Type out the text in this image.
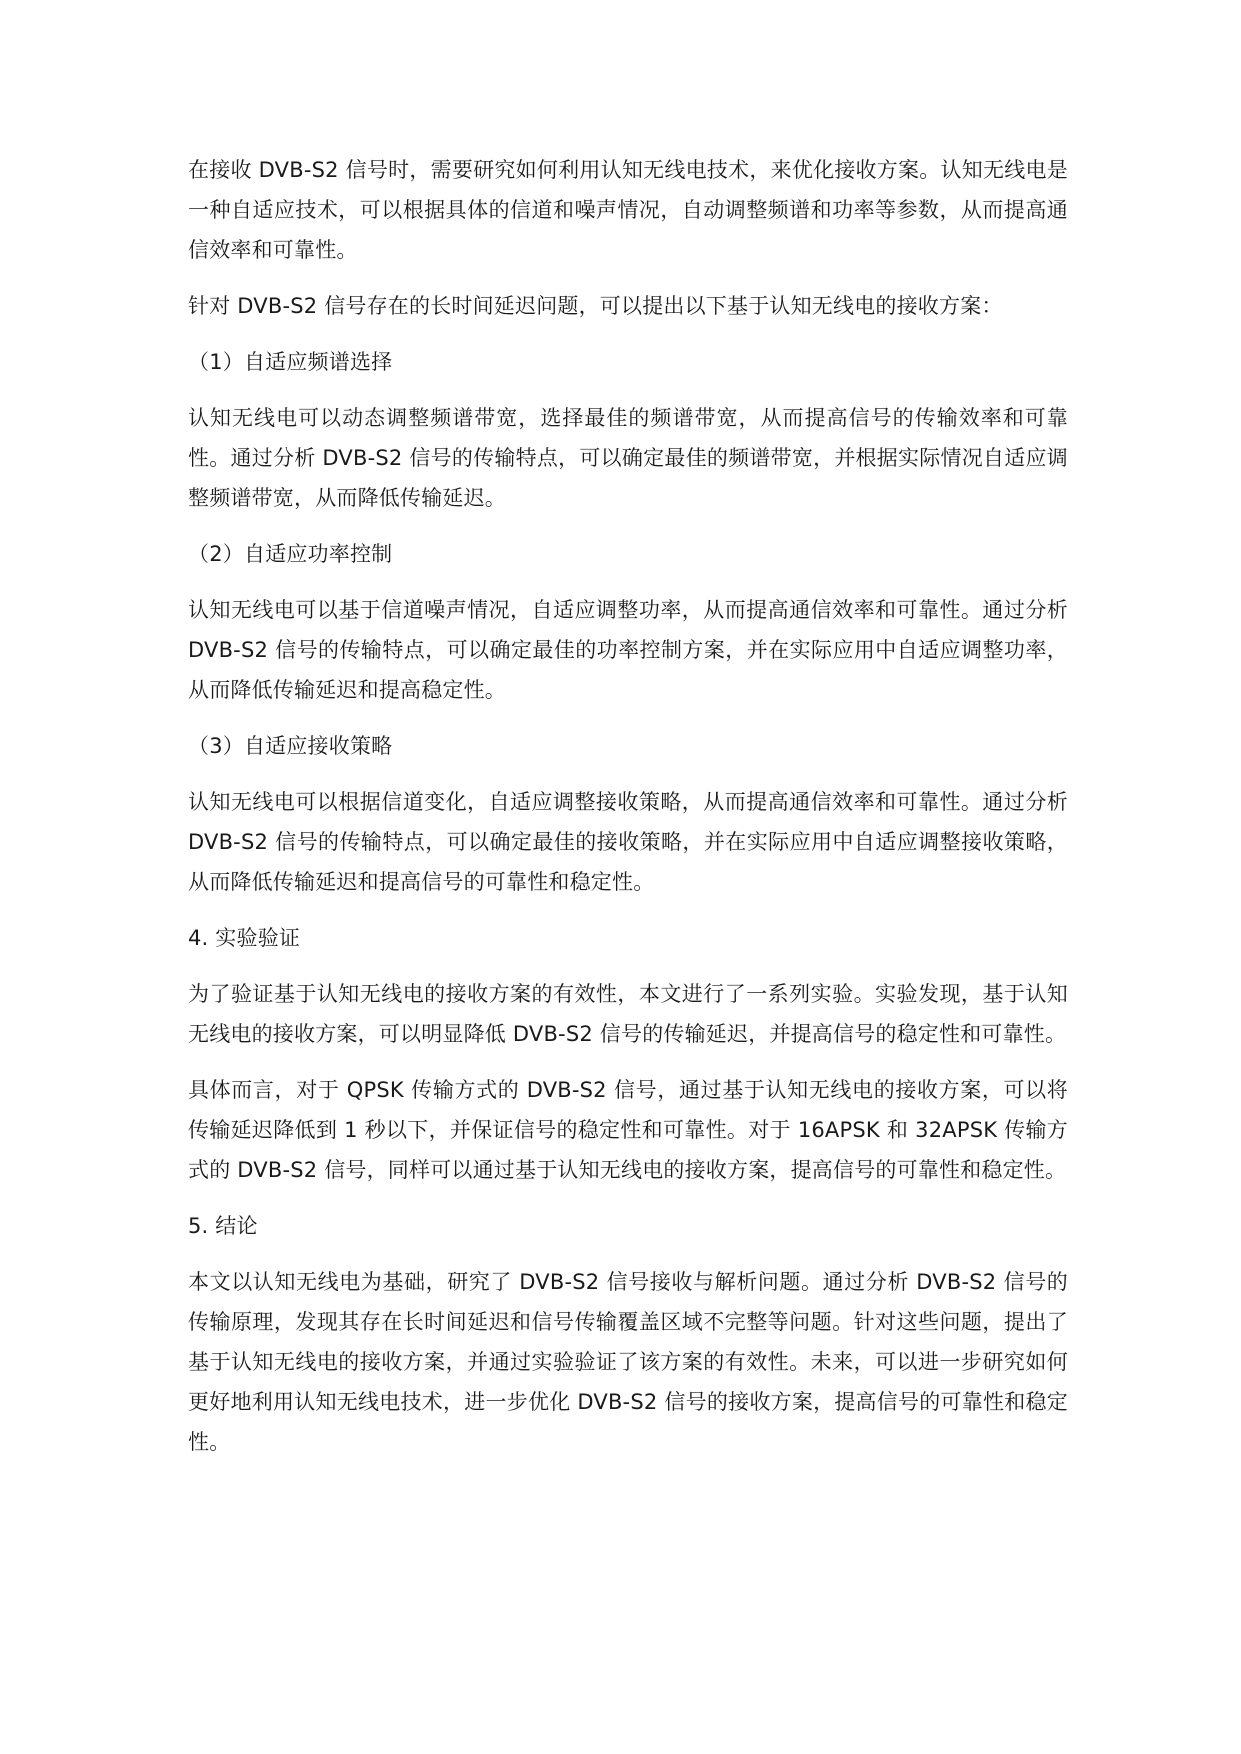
在接收 DVB-S2 信号时，需要研究如何利用认知无线电技术，来优化接收方案。认知无线电是一种自适应技术，可以根据具体的信道和噪声情况，自动调整频谱和功率等参数，从而提高通信效率和可靠性。

针对 DVB-S2 信号存在的长时间延迟问题，可以提出以下基于认知无线电的接收方案：

（1）自适应频谱选择

认知无线电可以动态调整频谱带宽，选择最佳的频谱带宽，从而提高信号的传输效率和可靠性。通过分析 DVB-S2 信号的传输特点，可以确定最佳的频谱带宽，并根据实际情况自适应调整频谱带宽，从而降低传输延迟。

（2）自适应功率控制

认知无线电可以基于信道噪声情况，自适应调整功率，从而提高通信效率和可靠性。通过分析 DVB-S2 信号的传输特点，可以确定最佳的功率控制方案，并在实际应用中自适应调整功率，从而降低传输延迟和提高稳定性。

（3）自适应接收策略

认知无线电可以根据信道变化，自适应调整接收策略，从而提高通信效率和可靠性。通过分析 DVB-S2 信号的传输特点，可以确定最佳的接收策略，并在实际应用中自适应调整接收策略，从而降低传输延迟和提高信号的可靠性和稳定性。

4. 实验验证

为了验证基于认知无线电的接收方案的有效性，本文进行了一系列实验。实验发现，基于认知无线电的接收方案，可以明显降低 DVB-S2 信号的传输延迟，并提高信号的稳定性和可靠性。

具体而言，对于 QPSK 传输方式的 DVB-S2 信号，通过基于认知无线电的接收方案，可以将传输延迟降低到 1 秒以下，并保证信号的稳定性和可靠性。对于 16APSK 和 32APSK 传输方式的 DVB-S2 信号，同样可以通过基于认知无线电的接收方案，提高信号的可靠性和稳定性。

5. 结论

本文以认知无线电为基础，研究了 DVB-S2 信号接收与解析问题。通过分析 DVB-S2 信号的传输原理，发现其存在长时间延迟和信号传输覆盖区域不完整等问题。针对这些问题，提出了基于认知无线电的接收方案，并通过实验验证了该方案的有效性。未来，可以进一步研究如何更好地利用认知无线电技术，进一步优化 DVB-S2 信号的接收方案，提高信号的可靠性和稳定性。
